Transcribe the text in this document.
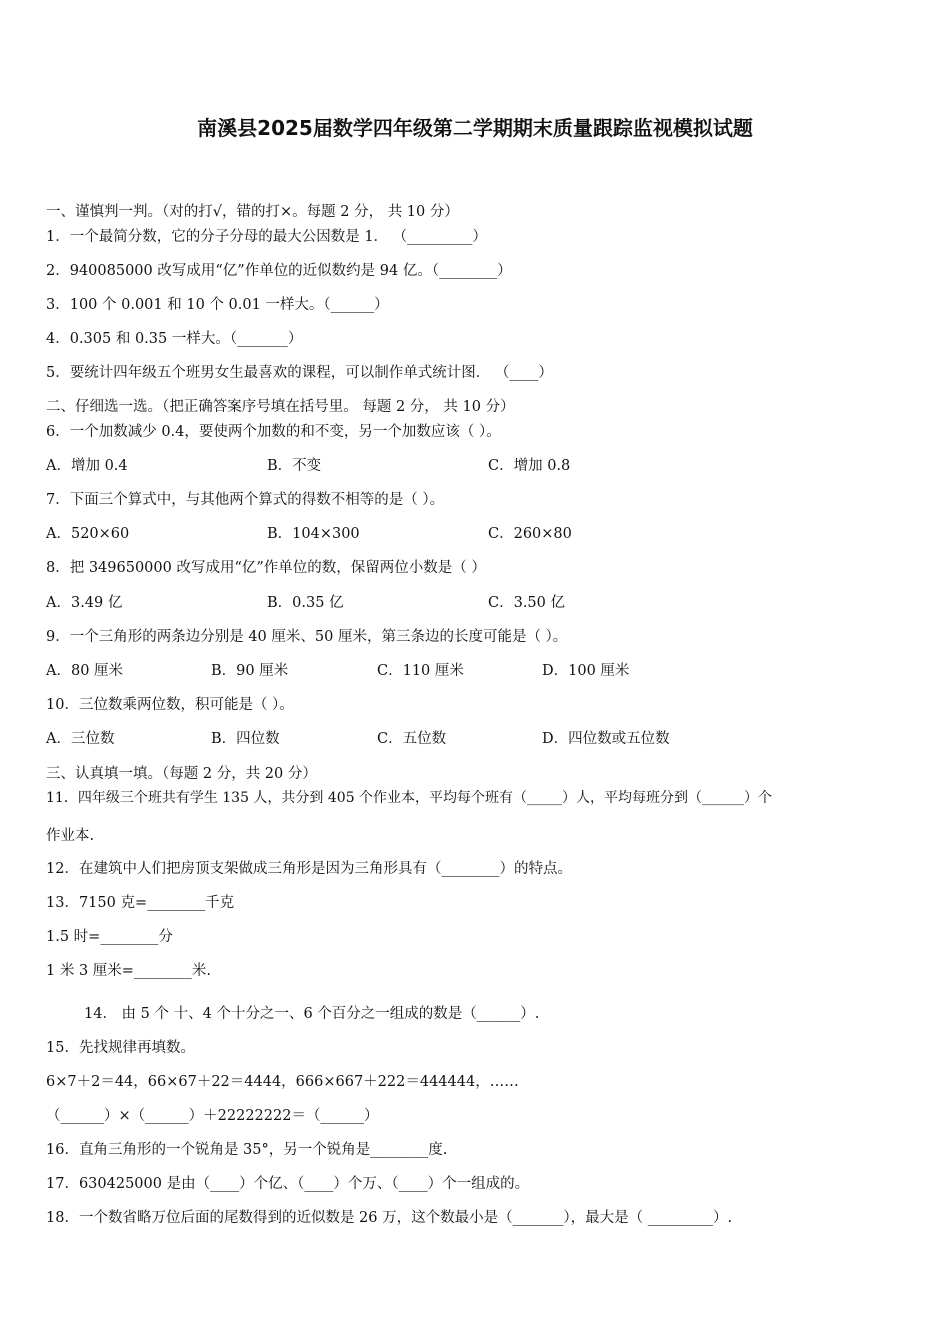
南溪县2025届数学四年级第二学期期末质量跟踪监视模拟试题
一、谨慎判一判。（对的打√，错的打×。每题 2 分， 共 10 分）
1．一个最简分数，它的分子分母的最大公因数是 1． （_________）
2．940085000 改写成用“亿”作单位的近似数约是 94 亿。（________）
3．100 个 0.001 和 10 个 0.01 一样大。（______）
4．0.305 和 0.35 一样大。（_______）
5．要统计四年级五个班男女生最喜欢的课程，可以制作单式统计图． （____）
二、仔细选一选。（把正确答案序号填在括号里。 每题 2 分， 共 10 分）
6．一个加数减少 0.4，要使两个加数的和不变，另一个加数应该（ ）。
A．增加 0.4	B．不变	C．增加 0.8
7．下面三个算式中，与其他两个算式的得数不相等的是（ ）。
A．520×60	B．104×300	C．260×80
8．把 349650000 改写成用“亿”作单位的数，保留两位小数是（ ）
A．3.49 亿	B．0.35 亿	C．3.50 亿
9．一个三角形的两条边分别是 40 厘米、50 厘米，第三条边的长度可能是（ ）。
A．80 厘米	B．90 厘米	C．110 厘米	D．100 厘米
10．三位数乘两位数，积可能是（ ）。
A．三位数	B．四位数	C．五位数	D．四位数或五位数
三、认真填一填。（每题 2 分，共 20 分）
11．四年级三个班共有学生 135 人，共分到 405 个作业本，平均每个班有（_____）人，平均每班分到（______）个
作业本.
12．在建筑中人们把房顶支架做成三角形是因为三角形具有（________）的特点。
13．7150 克=________千克
1.5 时=________分
1 米 3 厘米=________米.
14． 由 5 个 十、4 个十分之一、6 个百分之一组成的数是（______）.
15．先找规律再填数。
6×7＋2＝44，66×67＋22＝4444，666×667＋222＝444444，……
（______）×（______）＋22222222＝（______）
16．直角三角形的一个锐角是 35°，另一个锐角是________度.
17．630425000 是由（____）个亿、（____）个万、（____）个一组成的。
18．一个数省略万位后面的尾数得到的近似数是 26 万，这个数最小是（_______），最大是（ _________）.
